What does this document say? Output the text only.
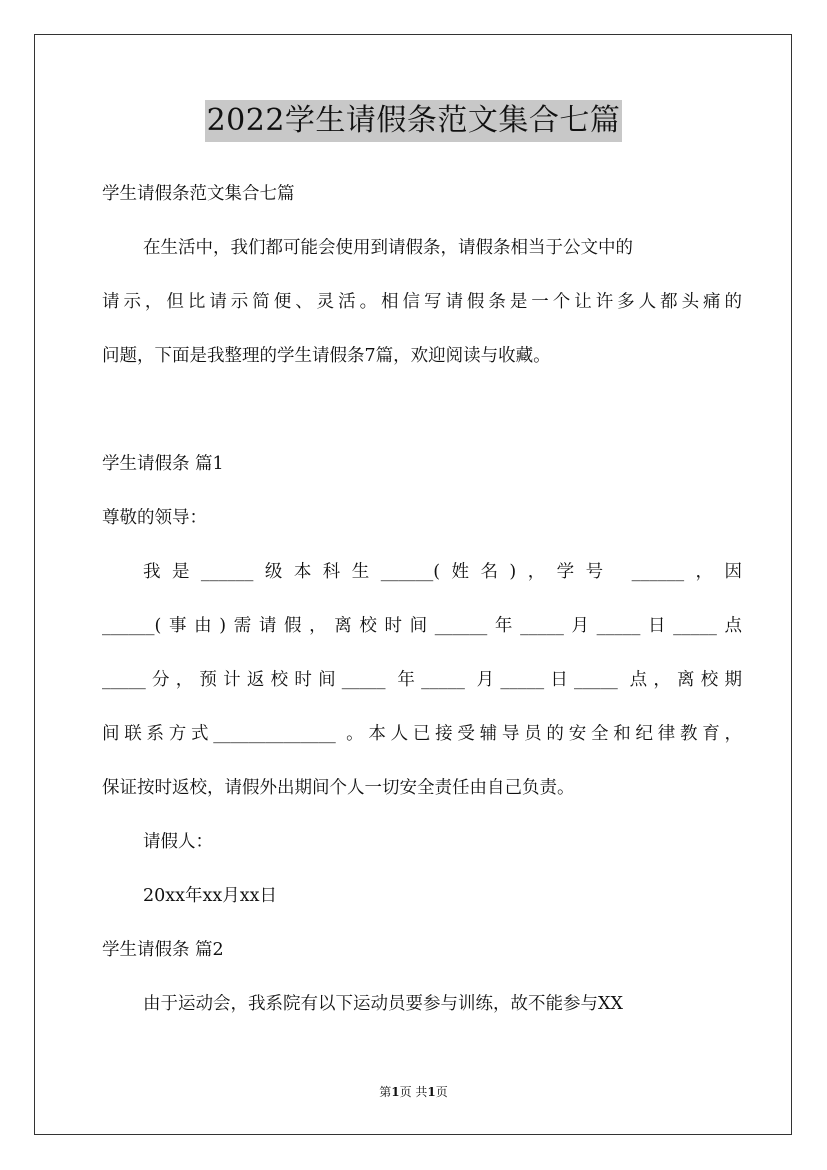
2022学生请假条范文集合七篇
学生请假条范文集合七篇
在生活中，我们都可能会使用到请假条，请假条相当于公文中的
请示，但比请示简便、灵活。相信写请假条是一个让许多人都头痛的
问题，下面是我整理的学生请假条7篇，欢迎阅读与收藏。
学生请假条 篇1
尊敬的领导：
我是______级本科生______(姓名)，学号 ______，因
______(事由)需请假，离校时间______年_____月_____日_____点
_____分，预计返校时间_____ 年_____ 月_____日_____ 点，离校期
间联系方式______________ 。本人已接受辅导员的安全和纪律教育，
保证按时返校，请假外出期间个人一切安全责任由自己负责。
请假人：
20xx年xx月xx日
学生请假条 篇2
由于运动会，我系院有以下运动员要参与训练，故不能参与XX
第1页 共1页
